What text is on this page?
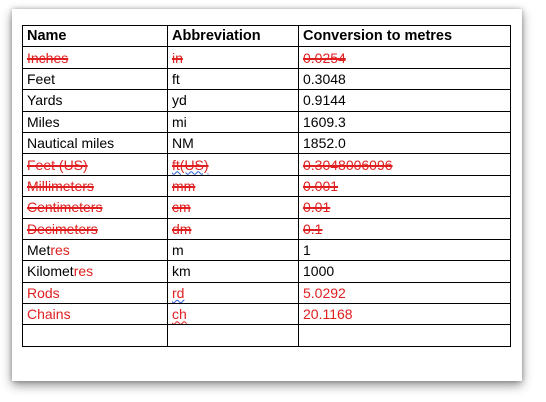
Name	Abbreviation	Conversion to metres
Inches	in	0.0254
Feet	ft	0.3048
Yards	yd	0.9144
Miles	mi	1609.3
Nautical miles	NM	1852.0
Feet (US)	ft(US)	0.3048006096
Millimeters	mm	0.001
Centimeters	cm	0.01
Decimeters	dm	0.1
Metres	m	1
Kilometres	km	1000
Rods	rd	5.0292
Chains	ch	20.1168
